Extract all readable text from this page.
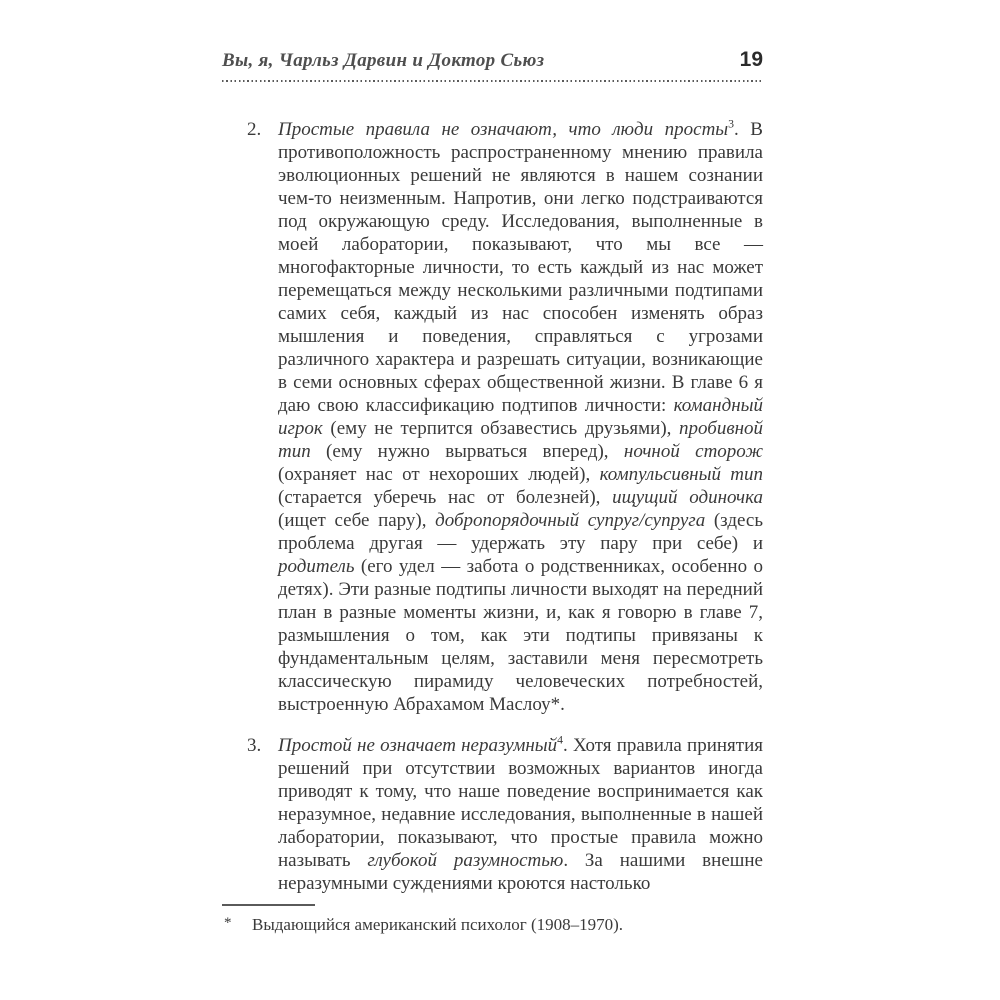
Вы, я, Чарльз Дарвин и Доктор Сьюз	19
2. Простые правила не означают, что люди просты$^3$. В противоположность распространенному мнению правила эволюционных решений не являются в нашем сознании чем-то неизменным. Напротив, они легко подстраиваются под окружающую среду. Исследования, выполненные в моей лаборатории, показывают, что мы все — многофакторные личности, то есть каждый из нас может перемещаться между несколькими различными подтипами самих себя, каждый из нас способен изменять образ мышления и поведения, справляться с угрозами различного характера и разрешать ситуации, возникающие в семи основных сферах общественной жизни. В главе 6 я даю свою классификацию подтипов личности: командный игрок (ему не терпится обзавестись друзьями), пробивной тип (ему нужно вырваться вперед), ночной сторож (охраняет нас от нехороших людей), компульсивный тип (старается уберечь нас от болезней), ищущий одиночка (ищет себе пару), добропорядочный супруг/супруга (здесь проблема другая — удержать эту пару при себе) и родитель (его удел — забота о родственниках, особенно о детях). Эти разные подтипы личности выходят на передний план в разные моменты жизни, и, как я говорю в главе 7, размышления о том, как эти подтипы привязаны к фундаментальным целям, заставили меня пересмотреть классическую пирамиду человеческих потребностей, выстроенную Абрахамом Маслоу*.

3. Простой не означает неразумный$^4$. Хотя правила принятия решений при отсутствии возможных вариантов иногда приводят к тому, что наше поведение воспринимается как неразумное, недавние исследования, выполненные в нашей лаборатории, показывают, что простые правила можно называть глубокой разумностью. За нашими внешне неразумными суждениями кроются настолько

* Выдающийся американский психолог (1908–1970).
